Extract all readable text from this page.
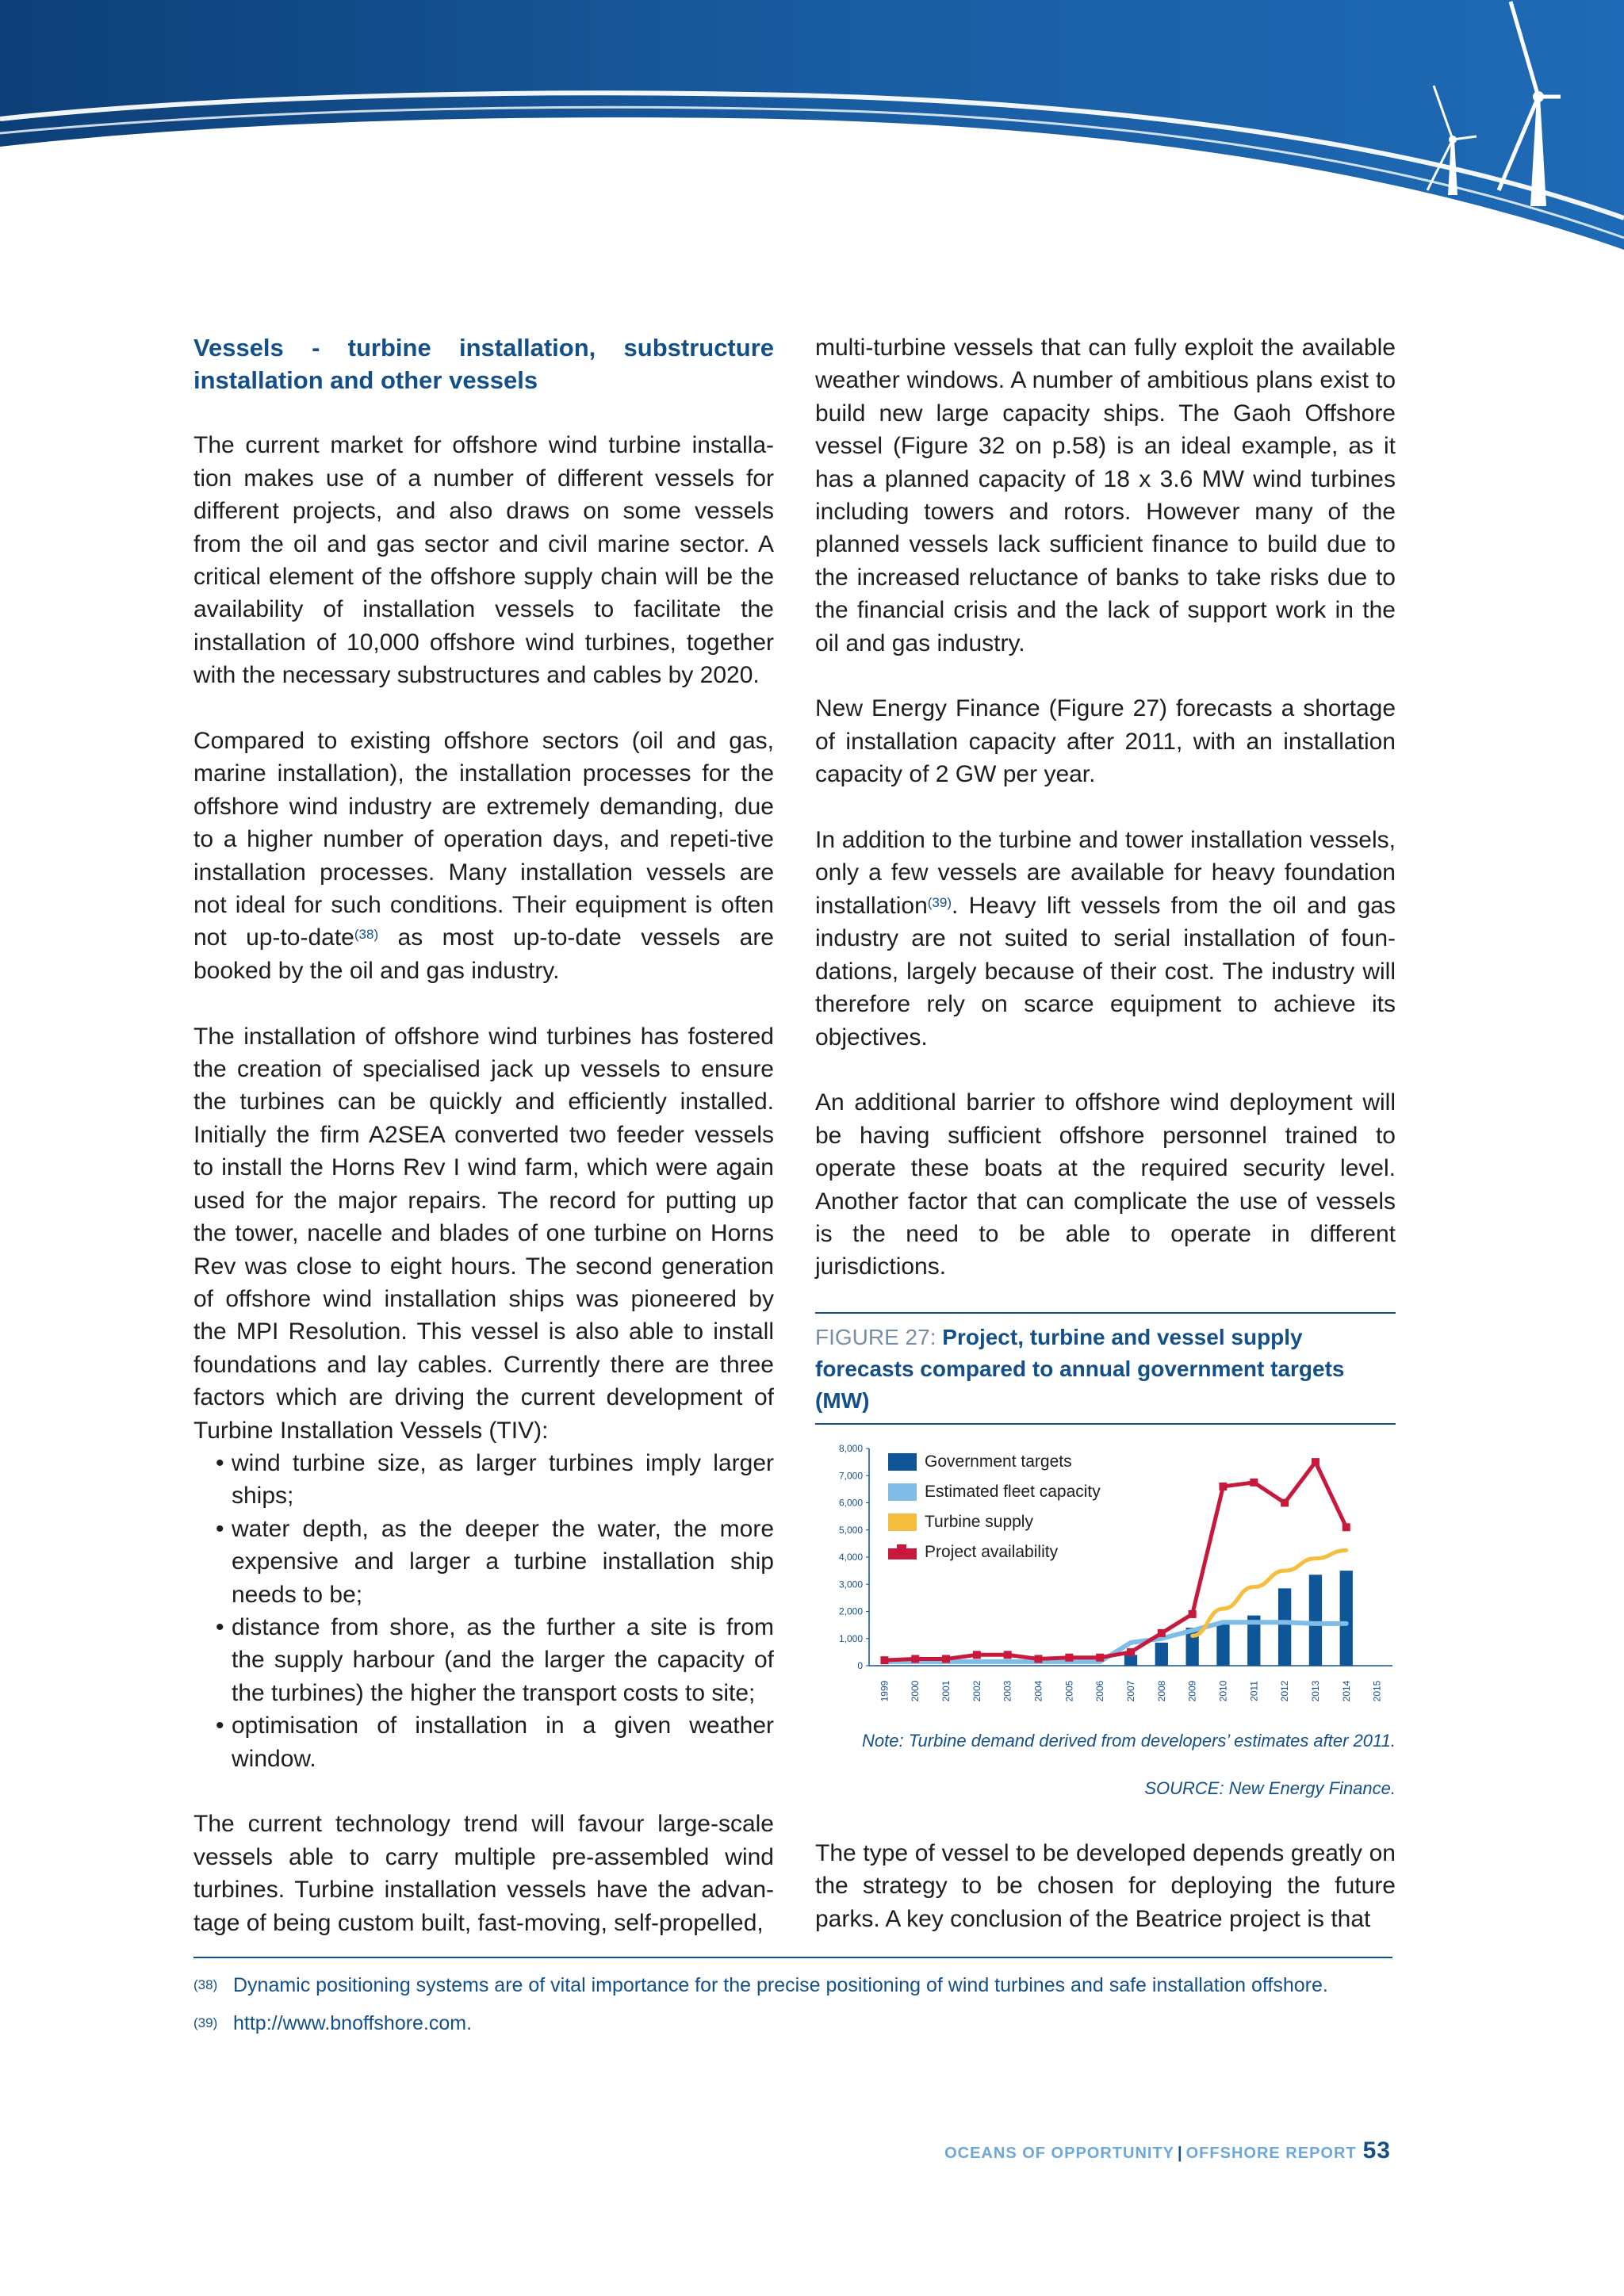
Vessels - turbine installation, substructure installation and other vessels

The current market for offshore wind turbine installa-tion makes use of a number of different vessels for different projects, and also draws on some vessels from the oil and gas sector and civil marine sector. A critical element of the offshore supply chain will be the availability of installation vessels to facilitate the installation of 10,000 offshore wind turbines, together with the necessary substructures and cables by 2020.

Compared to existing offshore sectors (oil and gas, marine installation), the installation processes for the offshore wind industry are extremely demanding, due to a higher number of operation days, and repeti-tive installation processes. Many installation vessels are not ideal for such conditions. Their equipment is often not up-to-date$^{(38)}$ as most up-to-date vessels are booked by the oil and gas industry.

The installation of offshore wind turbines has fostered the creation of specialised jack up vessels to ensure the turbines can be quickly and efficiently installed. Initially the firm A2SEA converted two feeder vessels to install the Horns Rev I wind farm, which were again used for the major repairs. The record for putting up the tower, nacelle and blades of one turbine on Horns Rev was close to eight hours. The second generation of offshore wind installation ships was pioneered by the MPI Resolution. This vessel is also able to install foundations and lay cables. Currently there are three factors which are driving the current development of Turbine Installation Vessels (TIV):

• wind turbine size, as larger turbines imply larger ships;
• water depth, as the deeper the water, the more expensive and larger a turbine installation ship needs to be;
• distance from shore, as the further a site is from the supply harbour (and the larger the capacity of the turbines) the higher the transport costs to site;
• optimisation of installation in a given weather window.

The current technology trend will favour large-scale vessels able to carry multiple pre-assembled wind turbines. Turbine installation vessels have the advan-tage of being custom built, fast-moving, self-propelled,

multi-turbine vessels that can fully exploit the available weather windows. A number of ambitious plans exist to build new large capacity ships. The Gaoh Offshore vessel (Figure 32 on p.58) is an ideal example, as it has a planned capacity of 18 x 3.6 MW wind turbines including towers and rotors. However many of the planned vessels lack sufficient finance to build due to the increased reluctance of banks to take risks due to the financial crisis and the lack of support work in the oil and gas industry.

New Energy Finance (Figure 27) forecasts a shortage of installation capacity after 2011, with an installation capacity of 2 GW per year.

In addition to the turbine and tower installation vessels, only a few vessels are available for heavy foundation installation$^{(39)}$. Heavy lift vessels from the oil and gas industry are not suited to serial installation of foun-dations, largely because of their cost. The industry will therefore rely on scarce equipment to achieve its objectives.

An additional barrier to offshore wind deployment will be having sufficient offshore personnel trained to operate these boats at the required security level. Another factor that can complicate the use of vessels is the need to be able to operate in different jurisdictions.

FIGURE 27: Project, turbine and vessel supply forecasts compared to annual government targets (MW)
0
1,000
2,000
3,000
4,000
5,000
6,000
7,000
8,000
1999 2000 2001 2002 2003 2004 2005 2006 2007 2008 2009 2010 2011 2012 2013 2014 2015
Government targets
Estimated fleet capacity
Turbine supply
Project availability
Note: Turbine demand derived from developers’ estimates after 2011.
SOURCE: New Energy Finance.

The type of vessel to be developed depends greatly on the strategy to be chosen for deploying the future parks. A key conclusion of the Beatrice project is that

(38) Dynamic positioning systems are of vital importance for the precise positioning of wind turbines and safe installation offshore.
(39) http://www.bnoffshore.com.
OCEANS OF OPPORTUNITY | OFFSHORE REPORT 53
